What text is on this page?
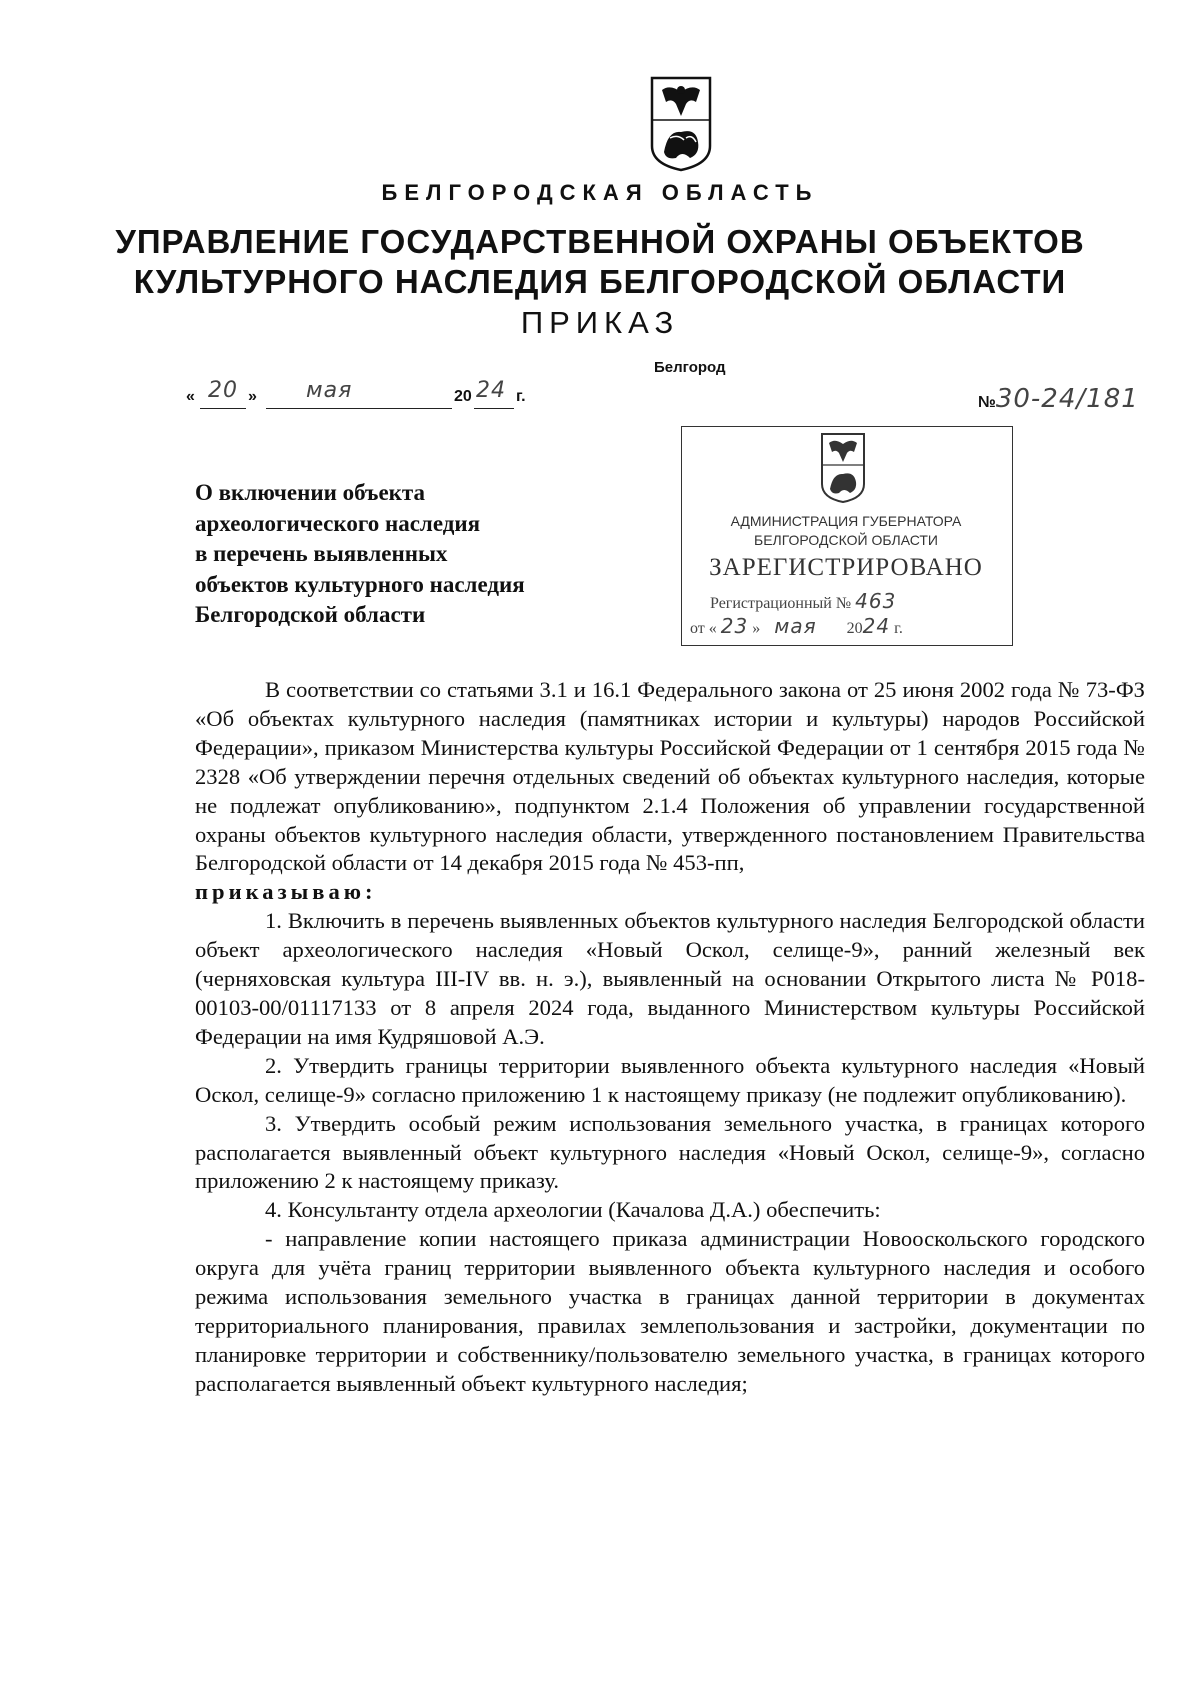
БЕЛГОРОДСКАЯ ОБЛАСТЬ
УПРАВЛЕНИЕ ГОСУДАРСТВЕННОЙ ОХРАНЫ ОБЪЕКТОВ
КУЛЬТУРНОГО НАСЛЕДИЯ БЕЛГОРОДСКОЙ ОБЛАСТИ
ПРИКАЗ
Белгород
« 20 » мая	20 24 г.	№30-24/181
АДМИНИСТРАЦИЯ ГУБЕРНАТОРА
БЕЛГОРОДСКОЙ ОБЛАСТИ
ЗАРЕГИСТРИРОВАНО
Регистрационный № 463
от « 23 » мая 2024 г.
О включении объекта
археологического наследия
в перечень выявленных
объектов культурного наследия
Белгородской области

В соответствии со статьями 3.1 и 16.1 Федерального закона от 25 июня 2002 года № 73-ФЗ «Об объектах культурного наследия (памятниках истории и культуры) народов Российской Федерации», приказом Министерства культуры Российской Федерации от 1 сентября 2015 года № 2328 «Об утверждении перечня отдельных сведений об объектах культурного наследия, которые не подлежат опубликованию», подпунктом 2.1.4 Положения об управлении государственной охраны объектов культурного наследия области, утвержденного постановлением Правительства Белгородской области от 14 декабря 2015 года № 453-пп,

приказываю:

1. Включить в перечень выявленных объектов культурного наследия Белгородской области объект археологического наследия «Новый Оскол, селище-9», ранний железный век (черняховская культура III-IV вв. н. э.), выявленный на основании Открытого листа № Р018-00103-00/01117133 от 8 апреля 2024 года, выданного Министерством культуры Российской Федерации на имя Кудряшовой А.Э.

2. Утвердить границы территории выявленного объекта культурного наследия «Новый Оскол, селище-9» согласно приложению 1 к настоящему приказу (не подлежит опубликованию).

3. Утвердить особый режим использования земельного участка, в границах которого располагается выявленный объект культурного наследия «Новый Оскол, селище-9», согласно приложению 2 к настоящему приказу.

4. Консультанту отдела археологии (Качалова Д.А.) обеспечить:

- направление копии настоящего приказа администрации Новооскольского городского округа для учёта границ территории выявленного объекта культурного наследия и особого режима использования земельного участка в границах данной территории в документах территориального планирования, правилах землепользования и застройки, документации по планировке территории и собственнику/пользователю земельного участка, в границах которого располагается выявленный объект культурного наследия;
